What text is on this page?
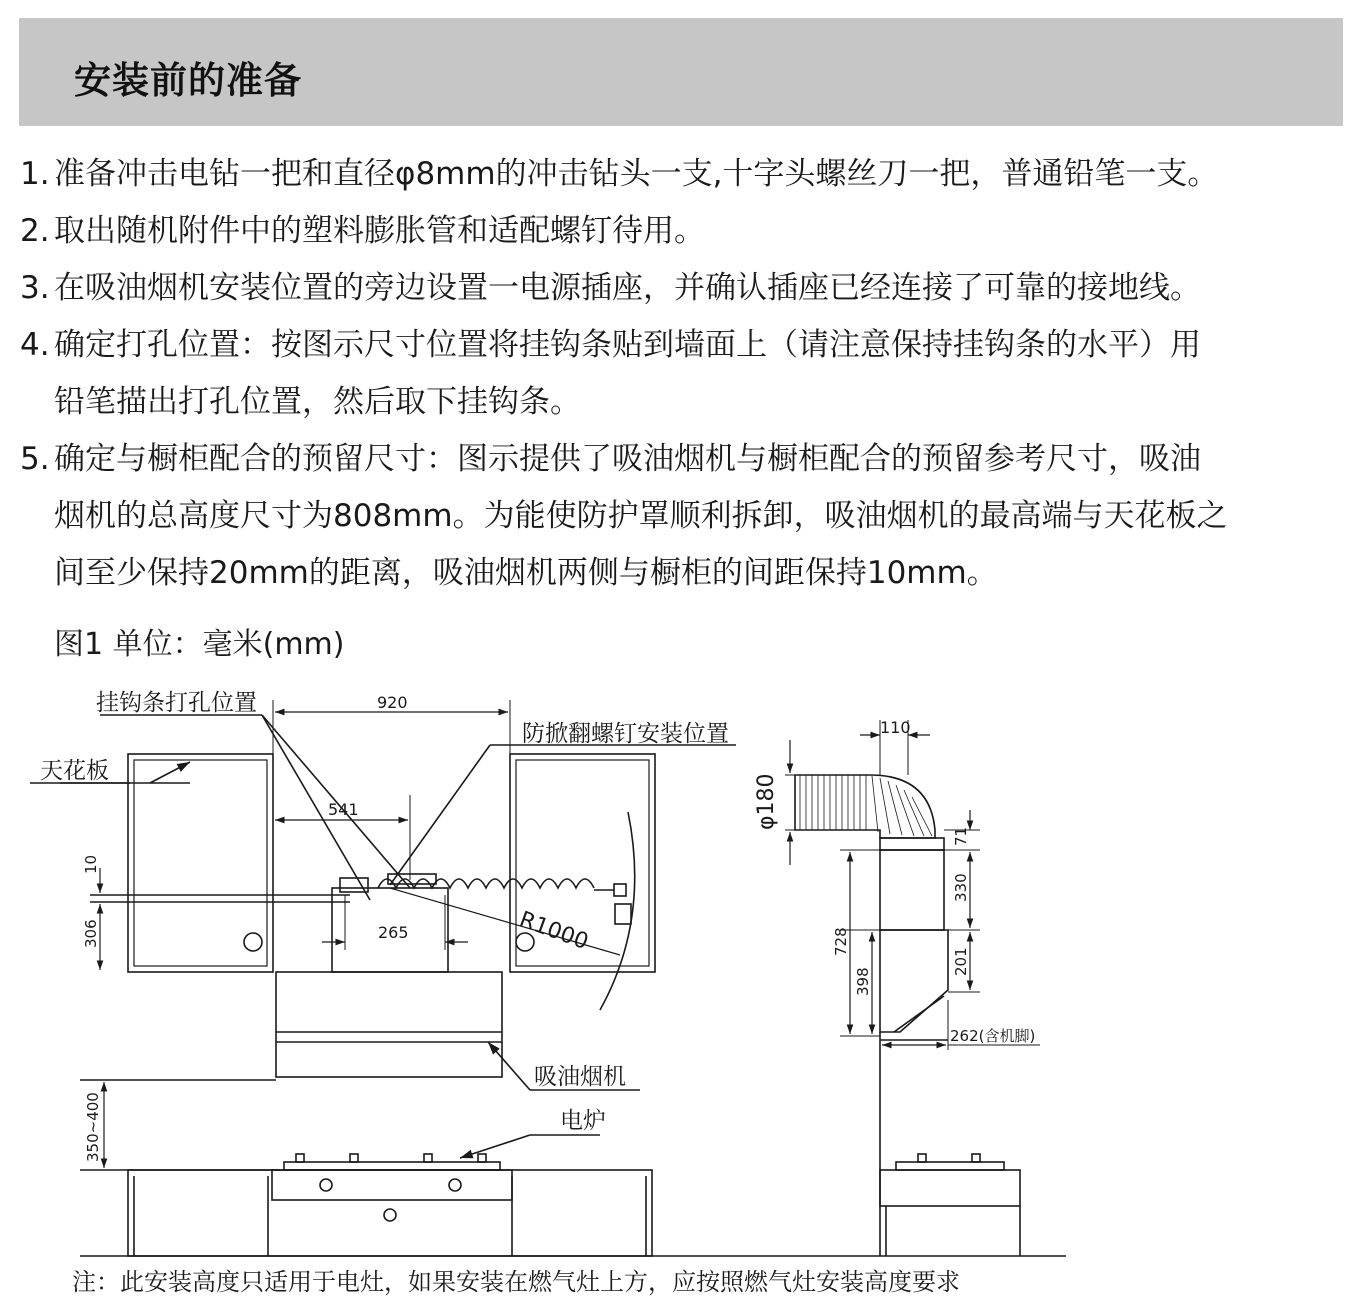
安装前的准备
1. 准备冲击电钻一把和直径φ8mm的冲击钻头一支,十字头螺丝刀一把，普通铅笔一支。
2. 取出随机附件中的塑料膨胀管和适配螺钉待用。
3. 在吸油烟机安装位置的旁边设置一电源插座，并确认插座已经连接了可靠的接地线。
4. 确定打孔位置：按图示尺寸位置将挂钩条贴到墙面上（请注意保持挂钩条的水平）用
铅笔描出打孔位置，然后取下挂钩条。
5. 确定与橱柜配合的预留尺寸：图示提供了吸油烟机与橱柜配合的预留参考尺寸，吸油
烟机的总高度尺寸为808mm。为能使防护罩顺利拆卸，吸油烟机的最高端与天花板之
间至少保持20mm的距离，吸油烟机两侧与橱柜的间距保持10mm。
图1 单位：毫米(mm)
挂钩条打孔位置
天花板
防掀翻螺钉安装位置
吸油烟机
电炉
R1000
920
541
265
10
306
350~400
110
φ180
71
330
201
728
398
262(含机脚)
注：此安装高度只适用于电灶，如果安装在燃气灶上方，应按照燃气灶安装高度要求
